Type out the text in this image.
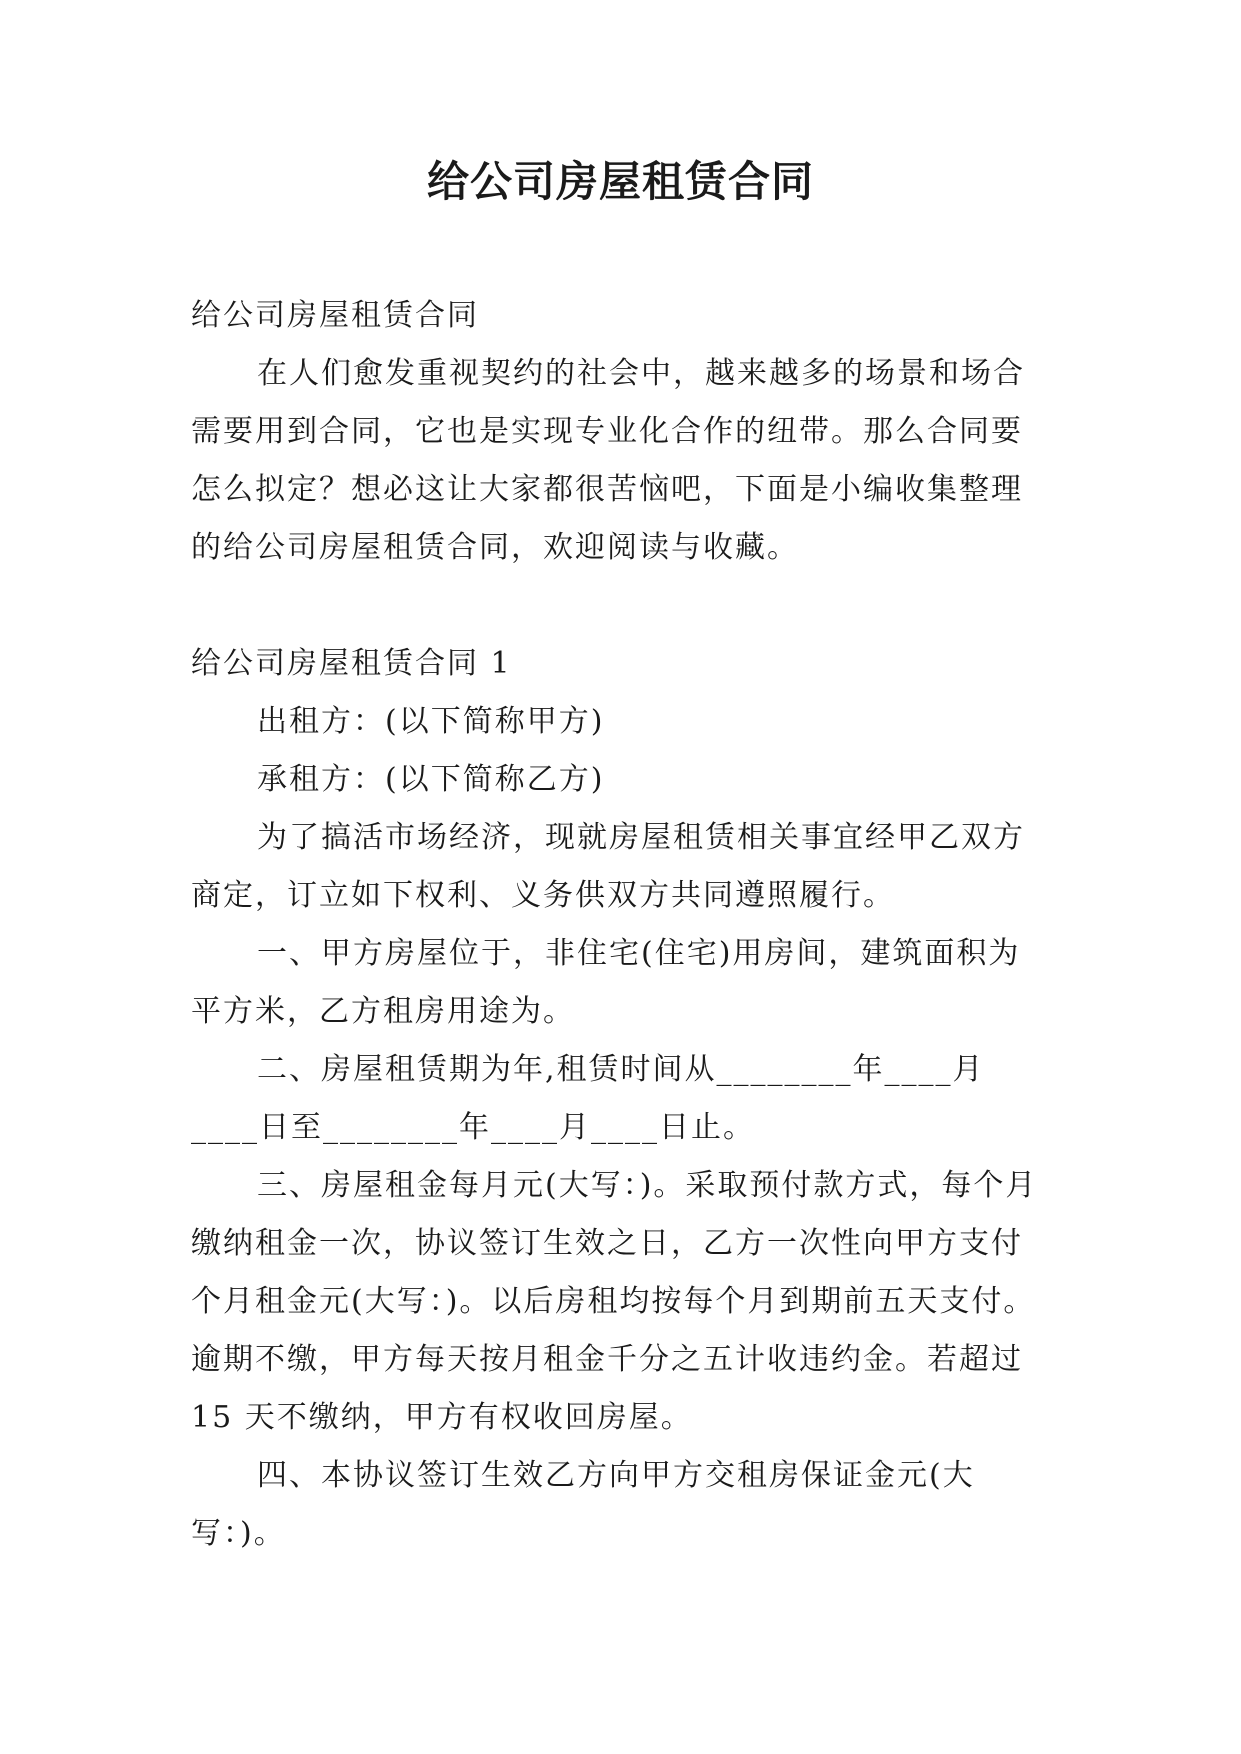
给公司房屋租赁合同

给公司房屋租赁合同

在人们愈发重视契约的社会中，越来越多的场景和场合需要用到合同，它也是实现专业化合作的纽带。那么合同要怎么拟定？想必这让大家都很苦恼吧，下面是小编收集整理的给公司房屋租赁合同，欢迎阅读与收藏。

给公司房屋租赁合同 1

出租方：(以下简称甲方)

承租方：(以下简称乙方)

为了搞活市场经济，现就房屋租赁相关事宜经甲乙双方商定，订立如下权利、义务供双方共同遵照履行。

一、甲方房屋位于，非住宅(住宅)用房间，建筑面积为平方米，乙方租房用途为。

二、房屋租赁期为年,租赁时间从________年____月____日至________年____月____日止。

三、房屋租金每月元(大写：)。采取预付款方式，每个月缴纳租金一次，协议签订生效之日，乙方一次性向甲方支付个月租金元(大写：)。以后房租均按每个月到期前五天支付。逾期不缴，甲方每天按月租金千分之五计收违约金。若超过 15 天不缴纳，甲方有权收回房屋。

四、本协议签订生效乙方向甲方交租房保证金元(大写：)。
